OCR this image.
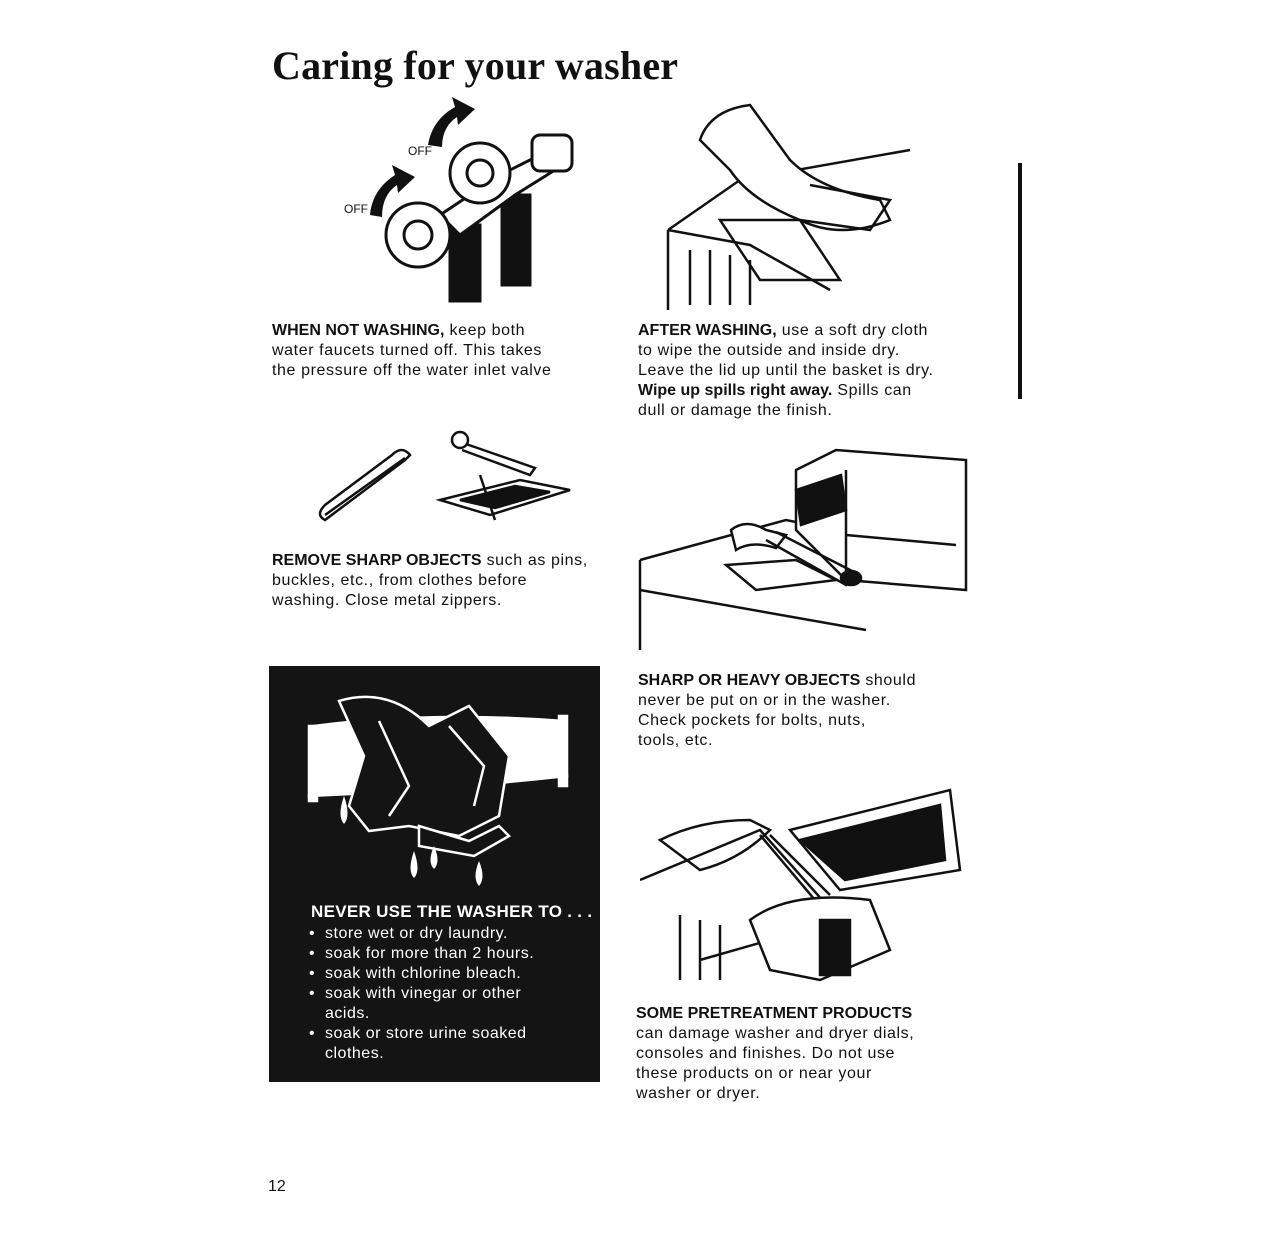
Caring for your washer
OFF
OFF

WHEN NOT WASHING, keep both
water faucets turned off. This takes
the pressure off the water inlet valve

AFTER WASHING, use a soft dry cloth
to wipe the outside and inside dry.
Leave the lid up until the basket is dry.
Wipe up spills right away. Spills can
dull or damage the finish.

REMOVE SHARP OBJECTS such as pins,
buckles, etc., from clothes before
washing. Close metal zippers.

SHARP OR HEAVY OBJECTS should
never be put on or in the washer.
Check pockets for bolts, nuts,
tools, etc.

NEVER USE THE WASHER TO . . .
• store wet or dry laundry.
• soak for more than 2 hours.
• soak with chlorine bleach.
• soak with vinegar or other
acids.
• soak or store urine soaked
clothes.

SOME PRETREATMENT PRODUCTS
can damage washer and dryer dials,
consoles and finishes. Do not use
these products on or near your
washer or dryer.

12
